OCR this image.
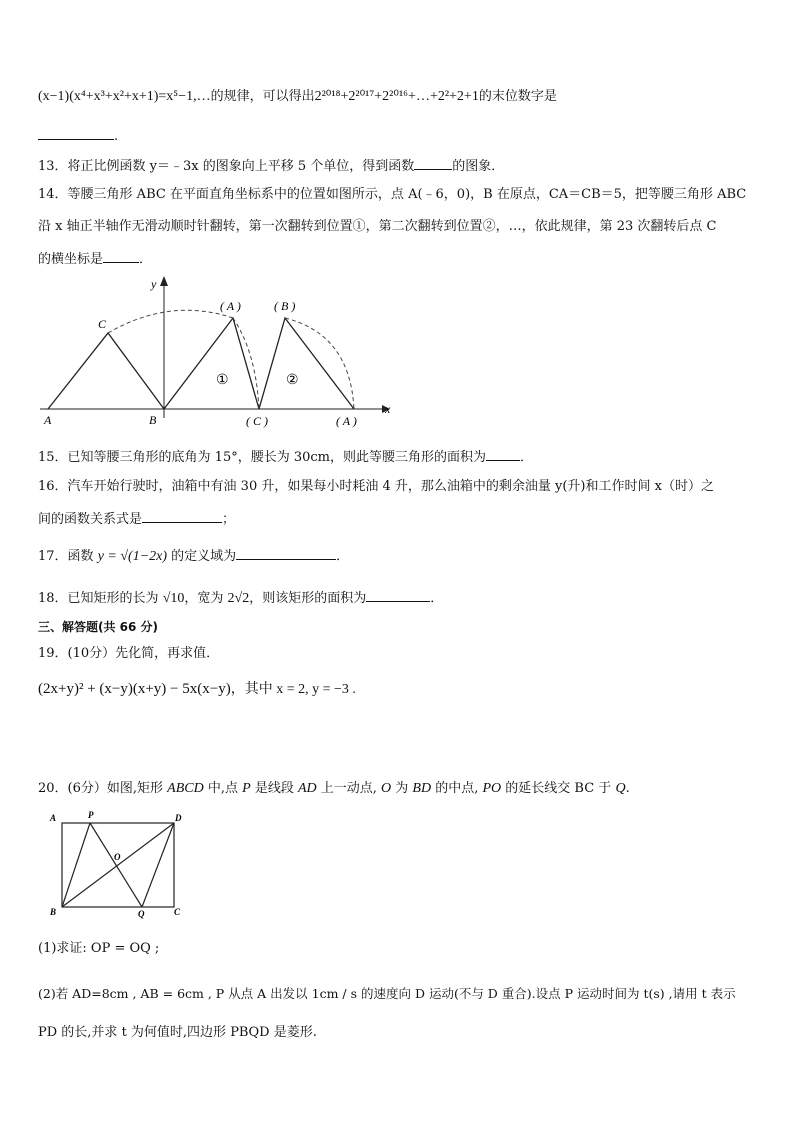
(x−1)(x⁴+x³+x²+x+1)=x⁵−1,…的规律，可以得出2²⁰¹⁸+2²⁰¹⁷+2²⁰¹⁶+…+2²+2+1的末位数字是
.
13．将正比例函数 y＝﹣3x 的图象向上平移 5 个单位，得到函数	的图象．
14．等腰三角形 ABC 在平面直角坐标系中的位置如图所示，点 A(﹣6，0)，B 在原点，CA＝CB＝5，把等腰三角形 ABC
沿 x 轴正半轴作无滑动顺时针翻转，第一次翻转到位置①，第二次翻转到位置②，…，依此规律，第 23 次翻转后点 C
的横坐标是	．
y
x
C
A	B
( A )	( B )
( C )	( A )
①	②
15．已知等腰三角形的底角为 15°，腰长为 30cm，则此等腰三角形的面积为	．
16．汽车开始行驶时，油箱中有油 30 升，如果每小时耗油 4 升，那么油箱中的剩余油量 y(升)和工作时间 x（时）之
间的函数关系式是	；
17．函数 y = √(1−2x) 的定义域为	．
18．已知矩形的长为 √10，宽为 2√2，则该矩形的面积为	．
三、解答题(共 66 分)
19．(10分）先化简，再求值．
(2x+y)² + (x−y)(x+y) − 5x(x−y)，其中 x = 2, y = −3 .
20．(6分）如图,矩形 ABCD 中,点 P 是线段 AD 上一动点, O 为 BD 的中点, PO 的延长线交 BC 于 Q.
A	P	D
O
B	Q	C
(1)求证: OP = OQ ;
(2)若 AD=8cm , AB = 6cm , P 从点 A 出发以 1cm / s 的速度向 D 运动(不与 D 重合).设点 P 运动时间为 t(s) ,请用 t 表示
PD 的长,并求 t 为何值时,四边形 PBQD 是菱形.
